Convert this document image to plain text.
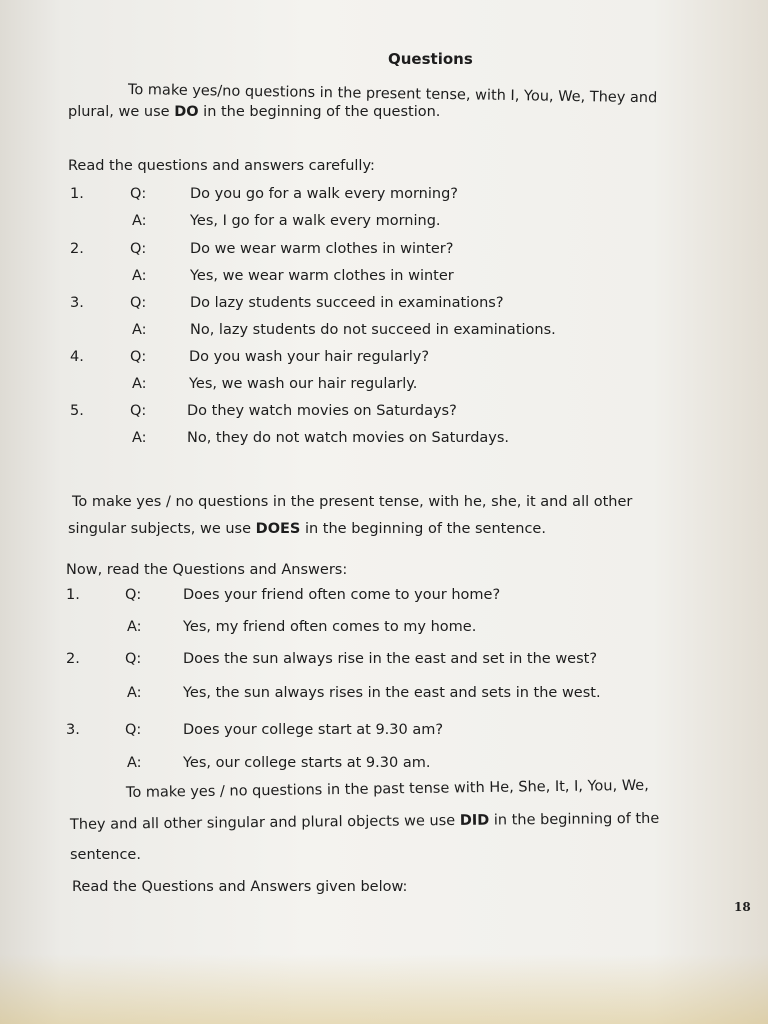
Questions
To make yes/no questions in the present tense, with I, You, We, They and
plural, we use DO in the beginning of the question.
Read the questions and answers carefully:
1.	Q:	Do you go for a walk every morning?
A:	Yes, I go for a walk every morning.
2.	Q:	Do we wear warm clothes in winter?
A:	Yes, we wear warm clothes in winter
3.	Q:	Do lazy students succeed in examinations?
A:	No, lazy students do not succeed in examinations.
4.	Q:	Do you wash your hair regularly?
A:	Yes, we wash our hair regularly.
5.	Q:	Do they watch movies on Saturdays?
A:	No, they do not watch movies on Saturdays.
To make yes / no questions in the present tense, with he, she, it and all other
singular subjects, we use DOES in the beginning of the sentence.
Now, read the Questions and Answers:
1.	Q:	Does your friend often come to your home?
A:	Yes, my friend often comes to my home.
2.	Q:	Does the sun always rise in the east and set in the west?
A:	Yes, the sun always rises in the east and sets in the west.
3.	Q:	Does your college start at 9.30 am?
A:	Yes, our college starts at 9.30 am.
To make yes / no questions in the past tense with He, She, It, I, You, We,
They and all other singular and plural objects we use DID in the beginning of the
sentence.
Read the Questions and Answers given below:
18
